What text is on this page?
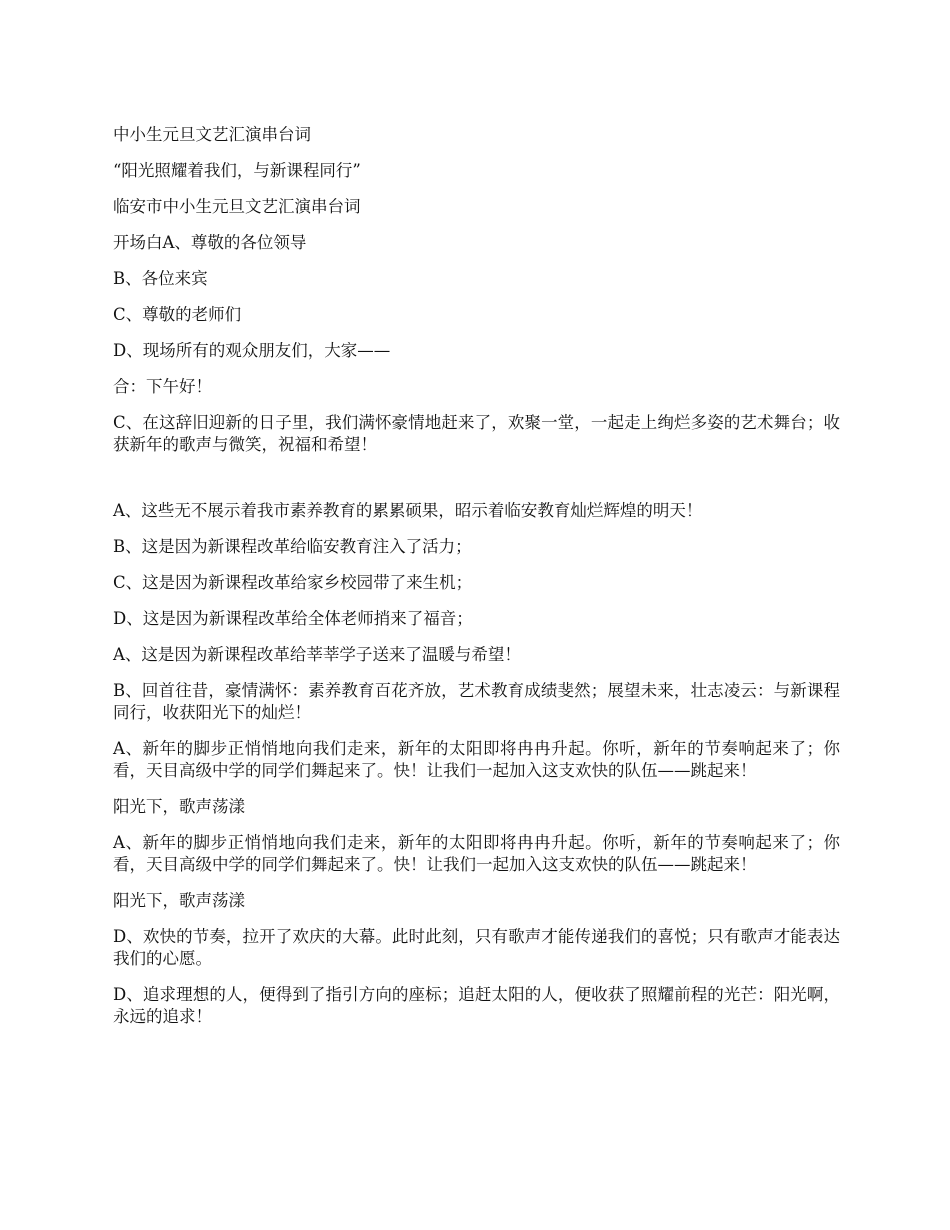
中小生元旦文艺汇演串台词

“阳光照耀着我们，与新课程同行”

临安市中小生元旦文艺汇演串台词

开场白A、尊敬的各位领导

B、各位来宾

C、尊敬的老师们

D、现场所有的观众朋友们，大家——

合：下午好！

C、在这辞旧迎新的日子里，我们满怀豪情地赶来了，欢聚一堂，一起走上绚烂多姿的艺术舞台；收获新年的歌声与微笑，祝福和希望！

A、这些无不展示着我市素养教育的累累硕果，昭示着临安教育灿烂辉煌的明天！

B、这是因为新课程改革给临安教育注入了活力；

C、这是因为新课程改革给家乡校园带了来生机；

D、这是因为新课程改革给全体老师捎来了福音；

A、这是因为新课程改革给莘莘学子送来了温暖与希望！

B、回首往昔，豪情满怀：素养教育百花齐放，艺术教育成绩斐然；展望未来，壮志凌云：与新课程同行，收获阳光下的灿烂！

A、新年的脚步正悄悄地向我们走来，新年的太阳即将冉冉升起。你听，新年的节奏响起来了；你看，天目高级中学的同学们舞起来了。快！让我们一起加入这支欢快的队伍——跳起来！

阳光下，歌声荡漾

A、新年的脚步正悄悄地向我们走来，新年的太阳即将冉冉升起。你听，新年的节奏响起来了；你看，天目高级中学的同学们舞起来了。快！让我们一起加入这支欢快的队伍——跳起来！

阳光下，歌声荡漾

D、欢快的节奏，拉开了欢庆的大幕。此时此刻，只有歌声才能传递我们的喜悦；只有歌声才能表达我们的心愿。

D、追求理想的人，便得到了指引方向的座标；追赶太阳的人，便收获了照耀前程的光芒：阳光啊，永远的追求！
